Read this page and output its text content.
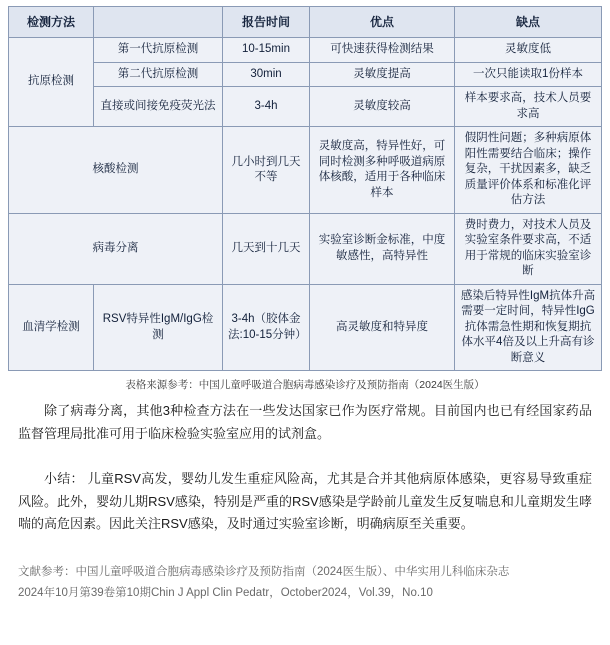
检测方法		报告时间	优点	缺点
抗原检测	第一代抗原检测	10-15min	可快速获得检测结果	灵敏度低
	第二代抗原检测	30min	灵敏度提高	一次只能读取1份样本
	直接或间接免疫荧光法	3-4h	灵敏度较高	样本要求高，技术人员要求高
核酸检测		几小时到几天不等	灵敏度高，特异性好，可同时检测多种呼吸道病原体核酸，适用于各种临床样本	假阴性问题；多种病原体阳性需要结合临床；操作复杂，干扰因素多，缺乏质量评价体系和标准化评估方法
病毒分离		几天到十几天	实验室诊断金标准，中度敏感性，高特异性	费时费力，对技术人员及实验室条件要求高，不适用于常规的临床实验室诊断
血清学检测	RSV特异性IgM/IgG检测	3-4h（胶体金法:10-15分钟）	高灵敏度和特异度	感染后特异性IgM抗体升高需要一定时间，特异性IgG抗体需急性期和恢复期抗体水平4倍及以上升高有诊断意义
表格来源参考：中国儿童呼吸道合胞病毒感染诊疗及预防指南（2024医生版）

除了病毒分离，其他3种检查方法在一些发达国家已作为医疗常规。目前国内也已有经国家药品监督管理局批准可用于临床检验实验室应用的试剂盒。

小结： 儿童RSV高发，婴幼儿发生重症风险高，尤其是合并其他病原体感染，更容易导致重症风险。此外，婴幼儿期RSV感染，特别是严重的RSV感染是学龄前儿童发生反复喘息和儿童期发生哮喘的高危因素。因此关注RSV感染，及时通过实验室诊断，明确病原至关重要。

文献参考：中国儿童呼吸道合胞病毒感染诊疗及预防指南（2024医生版）、中华实用儿科临床杂志
2024年10月第39卷第10期Chin J Appl Clin Pedatr，October2024，Vol.39，No.10
